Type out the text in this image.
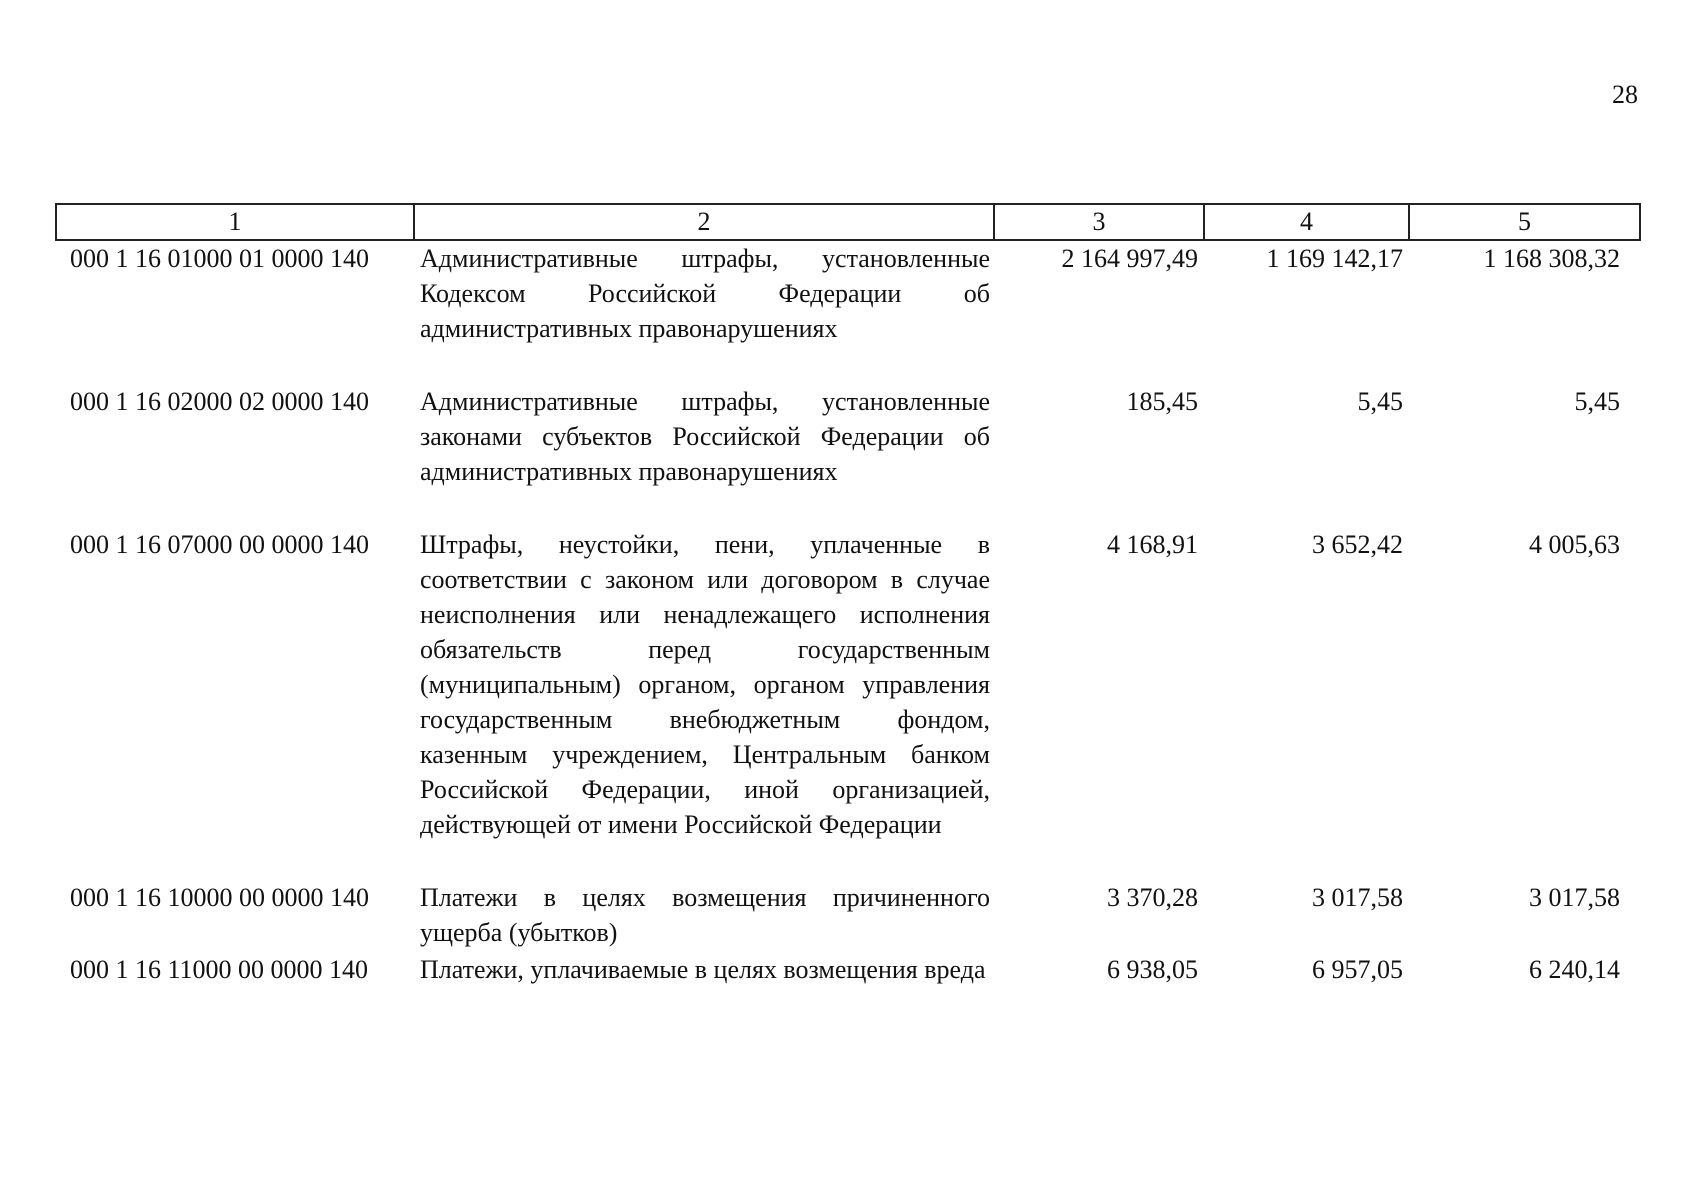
28
1	2	3	4	5
000 1 16 01000 01 0000 140	Административные штрафы, установленные Кодексом Российской Федерации об административных правонарушениях	2 164 997,49	1 169 142,17	1 168 308,32
000 1 16 02000 02 0000 140	Административные штрафы, установленные законами субъектов Российской Федерации об административных правонарушениях	185,45	5,45	5,45
000 1 16 07000 00 0000 140	Штрафы, неустойки, пени, уплаченные в соответствии с законом или договором в случае неисполнения или ненадлежащего исполнения обязательств перед государственным (муниципальным) органом, органом управления государственным внебюджетным фондом, казенным учреждением, Центральным банком Российской Федерации, иной организацией, действующей от имени Российской Федерации	4 168,91	3 652,42	4 005,63
000 1 16 10000 00 0000 140	Платежи в целях возмещения причиненного ущерба (убытков)	3 370,28	3 017,58	3 017,58
000 1 16 11000 00 0000 140	Платежи, уплачиваемые в целях возмещения вреда	6 938,05	6 957,05	6 240,14
